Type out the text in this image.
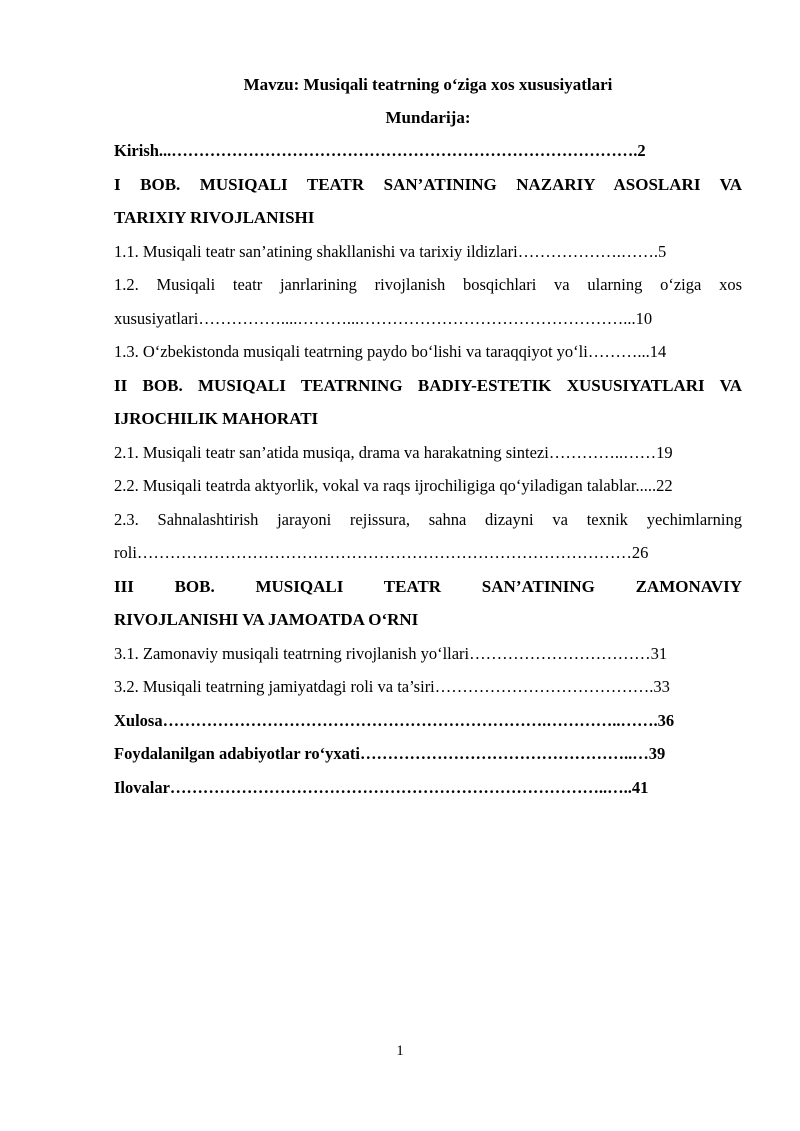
Mavzu: Musiqali teatrning o‘ziga xos xususiyatlari
Mundarija:
Kirish...………………………………………………………………………….2
I BOB. MUSIQALI TEATR SAN’ATINING NAZARIY ASOSLARI VA
TARIXIY RIVOJLANISHI
1.1. Musiqali teatr san’atining shakllanishi va tarixiy ildizlari……………….…….5
1.2. Musiqali teatr janrlarining rivojlanish bosqichlari va ularning o‘ziga xos
xususiyatlari……………....………...…………………………………………...10
1.3. O‘zbekistonda musiqali teatrning paydo bo‘lishi va taraqqiyot yo‘li………...14
II BOB. MUSIQALI TEATRNING BADIY-ESTETIK XUSUSIYATLARI VA
IJROCHILIK MAHORATI
2.1. Musiqali teatr san’atida musiqa, drama va harakatning sintezi…………..……19
2.2. Musiqali teatrda aktyorlik, vokal va raqs ijrochiligiga qo‘yiladigan talablar.....22
2.3. Sahnalashtirish jarayoni rejissura, sahna dizayni va texnik yechimlarning
roli………………………………………………………………………………26
III BOB. MUSIQALI TEATR SAN’ATINING ZAMONAVIY
RIVOJLANISHI VA JAMOATDA O‘RNI
3.1. Zamonaviy musiqali teatrning rivojlanish yo‘llari……………………………31
3.2. Musiqali teatrning jamiyatdagi roli va ta’siri………………………………….33
Xulosa…………………………………………………………….…………..…….36
Foydalanilgan adabiyotlar ro‘yxati…………………………………………..…39
Ilovalar……………………………………………………………………..…..41
1
